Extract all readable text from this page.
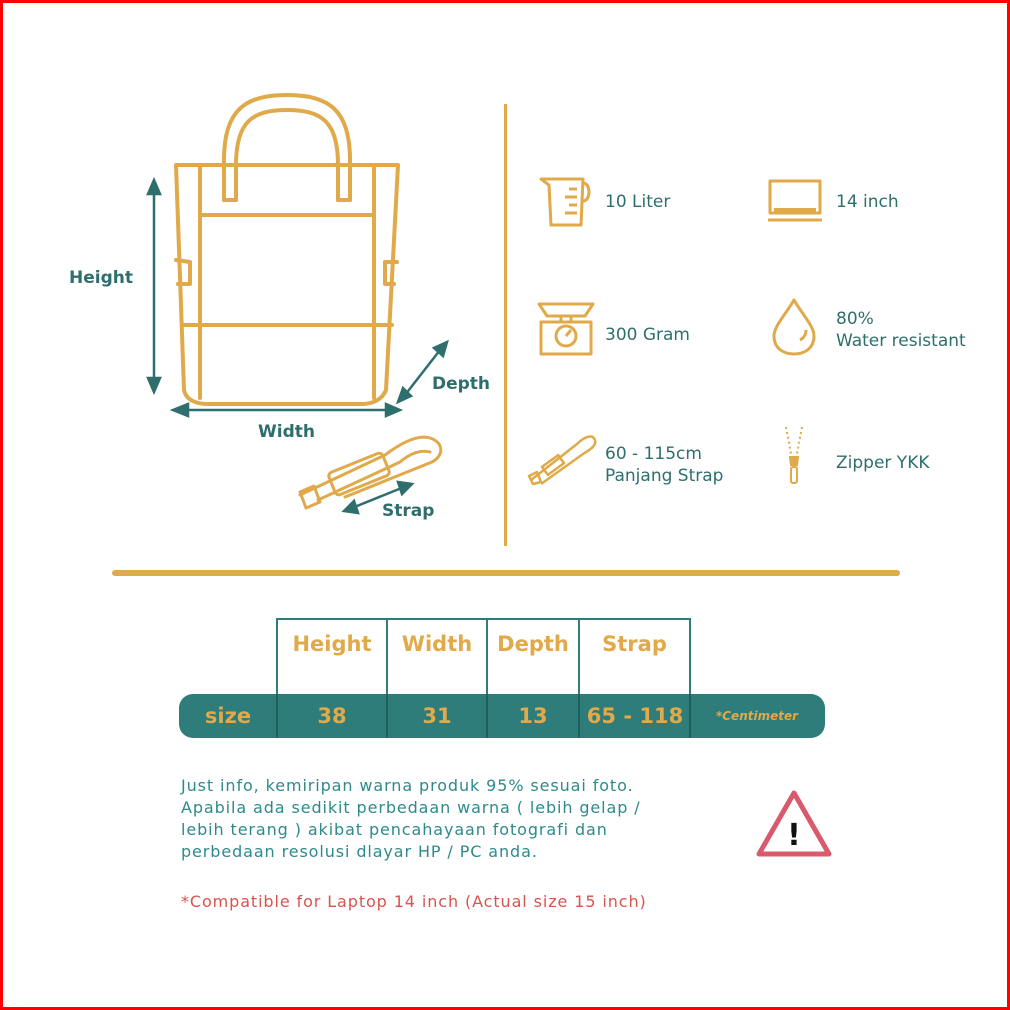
Height
Width
Depth
Strap
10 Liter	14 inch
300 Gram
80%
Water resistant
60 - 115cm
Panjang Strap
Zipper YKK
Height	Width	Depth	Strap
size	38	31	13	65 - 118	*Centimeter
Just info, kemiripan warna produk 95% sesuai foto.
Apabila ada sedikit perbedaan warna ( lebih gelap /
lebih terang ) akibat pencahayaan fotografi dan
perbedaan resolusi dlayar HP / PC anda.	!
*Compatible for Laptop 14 inch (Actual size 15 inch)
